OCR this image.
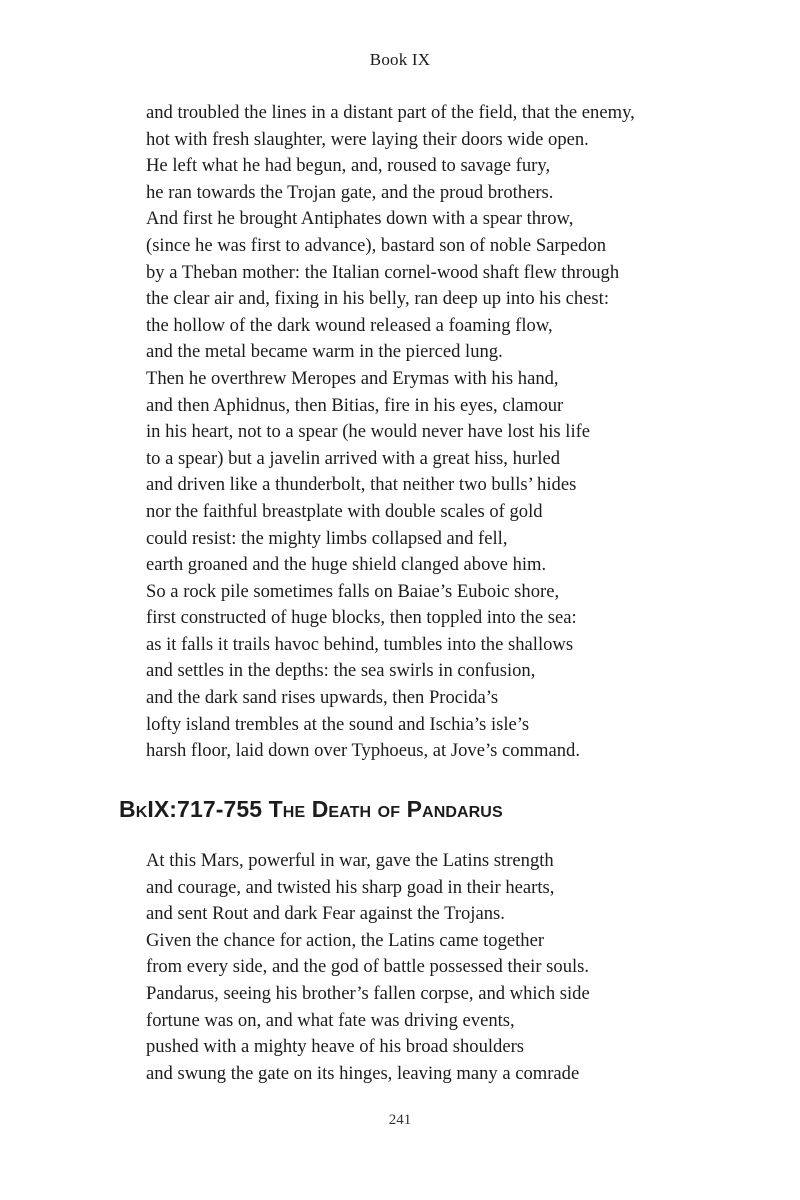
Book IX
and troubled the lines in a distant part of the field, that the enemy,
hot with fresh slaughter, were laying their doors wide open.
He left what he had begun, and, roused to savage fury,
he ran towards the Trojan gate, and the proud brothers.
And first he brought Antiphates down with a spear throw,
(since he was first to advance), bastard son of noble Sarpedon
by a Theban mother: the Italian cornel-wood shaft flew through
the clear air and, fixing in his belly, ran deep up into his chest:
the hollow of the dark wound released a foaming flow,
and the metal became warm in the pierced lung.
Then he overthrew Meropes and Erymas with his hand,
and then Aphidnus, then Bitias, fire in his eyes, clamour
in his heart, not to a spear (he would never have lost his life
to a spear) but a javelin arrived with a great hiss, hurled
and driven like a thunderbolt, that neither two bulls’ hides
nor the faithful breastplate with double scales of gold
could resist: the mighty limbs collapsed and fell,
earth groaned and the huge shield clanged above him.
So a rock pile sometimes falls on Baiae’s Euboic shore,
first constructed of huge blocks, then toppled into the sea:
as it falls it trails havoc behind, tumbles into the shallows
and settles in the depths: the sea swirls in confusion,
and the dark sand rises upwards, then Procida’s
lofty island trembles at the sound and Ischia’s isle’s
harsh floor, laid down over Typhoeus, at Jove’s command.
BkIX:717-755 The Death of Pandarus
At this Mars, powerful in war, gave the Latins strength
and courage, and twisted his sharp goad in their hearts,
and sent Rout and dark Fear against the Trojans.
Given the chance for action, the Latins came together
from every side, and the god of battle possessed their souls.
Pandarus, seeing his brother’s fallen corpse, and which side
fortune was on, and what fate was driving events,
pushed with a mighty heave of his broad shoulders
and swung the gate on its hinges, leaving many a comrade
241
